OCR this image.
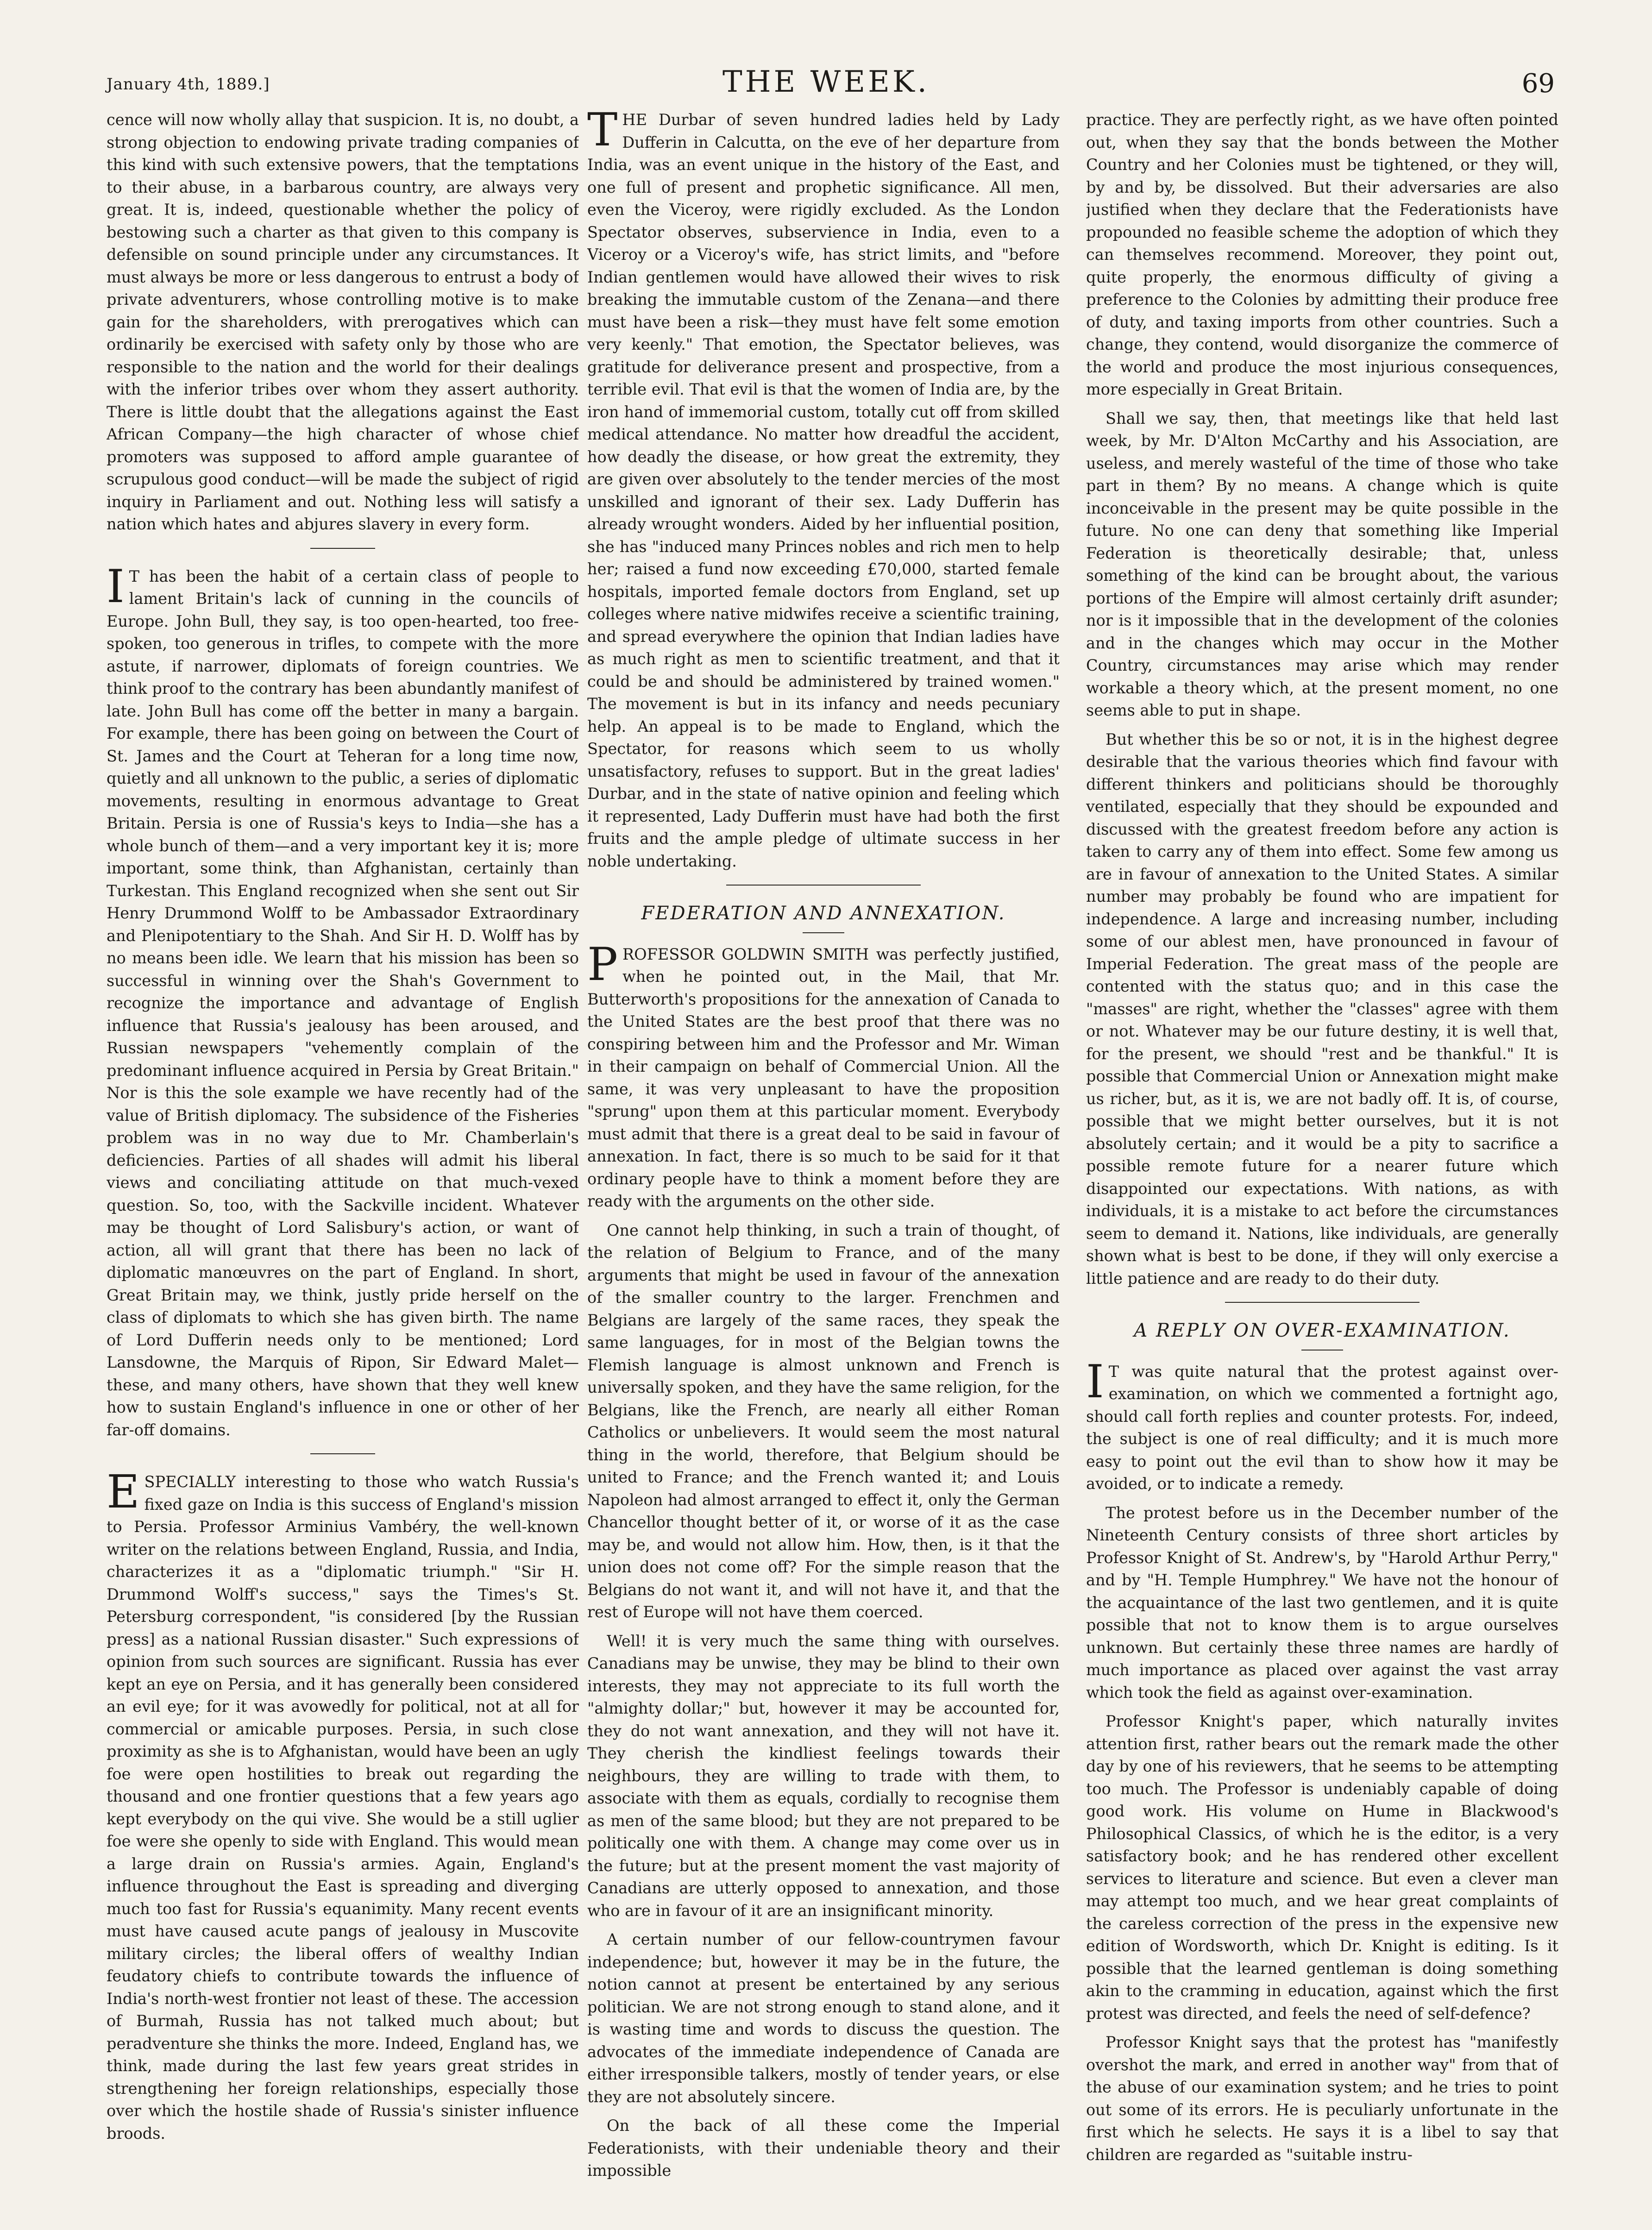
January 4th, 1889.]	THE WEEK.	69

cence will now wholly allay that suspicion. It is, no doubt, a strong objection to endowing private trading companies of this kind with such extensive powers, that the temptations to their abuse, in a barbarous country, are always very great. It is, indeed, questionable whether the policy of bestowing such a charter as that given to this company is defensible on sound principle under any circumstances. It must always be more or less dangerous to entrust a body of private adventurers, whose controlling motive is to make gain for the shareholders, with prerogatives which can ordinarily be exercised with safety only by those who are responsible to the nation and the world for their dealings with the inferior tribes over whom they assert authority. There is little doubt that the allegations against the East African Company—the high character of whose chief promoters was supposed to afford ample guarantee of scrupulous good conduct—will be made the subject of rigid inquiry in Parliament and out. Nothing less will satisfy a nation which hates and abjures slavery in every form.

IT has been the habit of a certain class of people to lament Britain's lack of cunning in the councils of Europe. John Bull, they say, is too open-hearted, too free-spoken, too generous in trifles, to compete with the more astute, if narrower, diplomats of foreign countries. We think proof to the contrary has been abundantly manifest of late. John Bull has come off the better in many a bargain. For example, there has been going on between the Court of St. James and the Court at Teheran for a long time now, quietly and all unknown to the public, a series of diplomatic movements, resulting in enormous advantage to Great Britain. Persia is one of Russia's keys to India—she has a whole bunch of them—and a very important key it is; more important, some think, than Afghanistan, certainly than Turkestan. This England recognized when she sent out Sir Henry Drummond Wolff to be Ambassador Extraordinary and Plenipotentiary to the Shah. And Sir H. D. Wolff has by no means been idle. We learn that his mission has been so successful in winning over the Shah's Government to recognize the importance and advantage of English influence that Russia's jealousy has been aroused, and Russian newspapers "vehemently complain of the predominant influence acquired in Persia by Great Britain." Nor is this the sole example we have recently had of the value of British diplomacy. The subsidence of the Fisheries problem was in no way due to Mr. Chamberlain's deficiencies. Parties of all shades will admit his liberal views and conciliating attitude on that much-vexed question. So, too, with the Sackville incident. Whatever may be thought of Lord Salisbury's action, or want of action, all will grant that there has been no lack of diplomatic manœuvres on the part of England. In short, Great Britain may, we think, justly pride herself on the class of diplomats to which she has given birth. The name of Lord Dufferin needs only to be mentioned; Lord Lansdowne, the Marquis of Ripon, Sir Edward Malet—these, and many others, have shown that they well knew how to sustain England's influence in one or other of her far-off domains.

ESPECIALLY interesting to those who watch Russia's fixed gaze on India is this success of England's mission to Persia. Professor Arminius Vambéry, the well-known writer on the relations between England, Russia, and India, characterizes it as a "diplomatic triumph." "Sir H. Drummond Wolff's success," says the Times's St. Petersburg correspondent, "is considered [by the Russian press] as a national Russian disaster." Such expressions of opinion from such sources are significant. Russia has ever kept an eye on Persia, and it has generally been considered an evil eye; for it was avowedly for political, not at all for commercial or amicable purposes. Persia, in such close proximity as she is to Afghanistan, would have been an ugly foe were open hostilities to break out regarding the thousand and one frontier questions that a few years ago kept everybody on the qui vive. She would be a still uglier foe were she openly to side with England. This would mean a large drain on Russia's armies. Again, England's influence throughout the East is spreading and diverging much too fast for Russia's equanimity. Many recent events must have caused acute pangs of jealousy in Muscovite military circles; the liberal offers of wealthy Indian feudatory chiefs to contribute towards the influence of India's north-west frontier not least of these. The accession of Burmah, Russia has not talked much about; but peradventure she thinks the more. Indeed, England has, we think, made during the last few years great strides in strengthening her foreign relationships, especially those over which the hostile shade of Russia's sinister influence broods.

THE Durbar of seven hundred ladies held by Lady Dufferin in Calcutta, on the eve of her departure from India, was an event unique in the history of the East, and one full of present and prophetic significance. All men, even the Viceroy, were rigidly excluded. As the London Spectator observes, subservience in India, even to a Viceroy or a Viceroy's wife, has strict limits, and "before Indian gentlemen would have allowed their wives to risk breaking the immutable custom of the Zenana—and there must have been a risk—they must have felt some emotion very keenly." That emotion, the Spectator believes, was gratitude for deliverance present and prospective, from a terrible evil. That evil is that the women of India are, by the iron hand of immemorial custom, totally cut off from skilled medical attendance. No matter how dreadful the accident, how deadly the disease, or how great the extremity, they are given over absolutely to the tender mercies of the most unskilled and ignorant of their sex. Lady Dufferin has already wrought wonders. Aided by her influential position, she has "induced many Princes nobles and rich men to help her; raised a fund now exceeding £70,000, started female hospitals, imported female doctors from England, set up colleges where native midwifes receive a scientific training, and spread everywhere the opinion that Indian ladies have as much right as men to scientific treatment, and that it could be and should be administered by trained women." The movement is but in its infancy and needs pecuniary help. An appeal is to be made to England, which the Spectator, for reasons which seem to us wholly unsatisfactory, refuses to support. But in the great ladies' Durbar, and in the state of native opinion and feeling which it represented, Lady Dufferin must have had both the first fruits and the ample pledge of ultimate success in her noble undertaking.

FEDERATION AND ANNEXATION.

PROFESSOR GOLDWIN SMITH was perfectly justified, when he pointed out, in the Mail, that Mr. Butterworth's propositions for the annexation of Canada to the United States are the best proof that there was no conspiring between him and the Professor and Mr. Wiman in their campaign on behalf of Commercial Union. All the same, it was very unpleasant to have the proposition "sprung" upon them at this particular moment. Everybody must admit that there is a great deal to be said in favour of annexation. In fact, there is so much to be said for it that ordinary people have to think a moment before they are ready with the arguments on the other side.

One cannot help thinking, in such a train of thought, of the relation of Belgium to France, and of the many arguments that might be used in favour of the annexation of the smaller country to the larger. Frenchmen and Belgians are largely of the same races, they speak the same languages, for in most of the Belgian towns the Flemish language is almost unknown and French is universally spoken, and they have the same religion, for the Belgians, like the French, are nearly all either Roman Catholics or unbelievers. It would seem the most natural thing in the world, therefore, that Belgium should be united to France; and the French wanted it; and Louis Napoleon had almost arranged to effect it, only the German Chancellor thought better of it, or worse of it as the case may be, and would not allow him. How, then, is it that the union does not come off? For the simple reason that the Belgians do not want it, and will not have it, and that the rest of Europe will not have them coerced.

Well! it is very much the same thing with ourselves. Canadians may be unwise, they may be blind to their own interests, they may not appreciate to its full worth the "almighty dollar;" but, however it may be accounted for, they do not want annexation, and they will not have it. They cherish the kindliest feelings towards their neighbours, they are willing to trade with them, to associate with them as equals, cordially to recognise them as men of the same blood; but they are not prepared to be politically one with them. A change may come over us in the future; but at the present moment the vast majority of Canadians are utterly opposed to annexation, and those who are in favour of it are an insignificant minority.

A certain number of our fellow-countrymen favour independence; but, however it may be in the future, the notion cannot at present be entertained by any serious politician. We are not strong enough to stand alone, and it is wasting time and words to discuss the question. The advocates of the immediate independence of Canada are either irresponsible talkers, mostly of tender years, or else they are not absolutely sincere.

On the back of all these come the Imperial Federationists, with their undeniable theory and their impossible

practice. They are perfectly right, as we have often pointed out, when they say that the bonds between the Mother Country and her Colonies must be tightened, or they will, by and by, be dissolved. But their adversaries are also justified when they declare that the Federationists have propounded no feasible scheme the adoption of which they can themselves recommend. Moreover, they point out, quite properly, the enormous difficulty of giving a preference to the Colonies by admitting their produce free of duty, and taxing imports from other countries. Such a change, they contend, would disorganize the commerce of the world and produce the most injurious consequences, more especially in Great Britain.

Shall we say, then, that meetings like that held last week, by Mr. D'Alton McCarthy and his Association, are useless, and merely wasteful of the time of those who take part in them? By no means. A change which is quite inconceivable in the present may be quite possible in the future. No one can deny that something like Imperial Federation is theoretically desirable; that, unless something of the kind can be brought about, the various portions of the Empire will almost certainly drift asunder; nor is it impossible that in the development of the colonies and in the changes which may occur in the Mother Country, circumstances may arise which may render workable a theory which, at the present moment, no one seems able to put in shape.

But whether this be so or not, it is in the highest degree desirable that the various theories which find favour with different thinkers and politicians should be thoroughly ventilated, especially that they should be expounded and discussed with the greatest freedom before any action is taken to carry any of them into effect. Some few among us are in favour of annexation to the United States. A similar number may probably be found who are impatient for independence. A large and increasing number, including some of our ablest men, have pronounced in favour of Imperial Federation. The great mass of the people are contented with the status quo; and in this case the "masses" are right, whether the "classes" agree with them or not. Whatever may be our future destiny, it is well that, for the present, we should "rest and be thankful." It is possible that Commercial Union or Annexation might make us richer, but, as it is, we are not badly off. It is, of course, possible that we might better ourselves, but it is not absolutely certain; and it would be a pity to sacrifice a possible remote future for a nearer future which disappointed our expectations. With nations, as with individuals, it is a mistake to act before the circumstances seem to demand it. Nations, like individuals, are generally shown what is best to be done, if they will only exercise a little patience and are ready to do their duty.

A REPLY ON OVER-EXAMINATION.

IT was quite natural that the protest against over-examination, on which we commented a fortnight ago, should call forth replies and counter protests. For, indeed, the subject is one of real difficulty; and it is much more easy to point out the evil than to show how it may be avoided, or to indicate a remedy.

The protest before us in the December number of the Nineteenth Century consists of three short articles by Professor Knight of St. Andrew's, by "Harold Arthur Perry," and by "H. Temple Humphrey." We have not the honour of the acquaintance of the last two gentlemen, and it is quite possible that not to know them is to argue ourselves unknown. But certainly these three names are hardly of much importance as placed over against the vast array which took the field as against over-examination.

Professor Knight's paper, which naturally invites attention first, rather bears out the remark made the other day by one of his reviewers, that he seems to be attempting too much. The Professor is undeniably capable of doing good work. His volume on Hume in Blackwood's Philosophical Classics, of which he is the editor, is a very satisfactory book; and he has rendered other excellent services to literature and science. But even a clever man may attempt too much, and we hear great complaints of the careless correction of the press in the expensive new edition of Wordsworth, which Dr. Knight is editing. Is it possible that the learned gentleman is doing something akin to the cramming in education, against which the first protest was directed, and feels the need of self-defence?

Professor Knight says that the protest has "manifestly overshot the mark, and erred in another way" from that of the abuse of our examination system; and he tries to point out some of its errors. He is peculiarly unfortunate in the first which he selects. He says it is a libel to say that children are regarded as "suitable instru-
